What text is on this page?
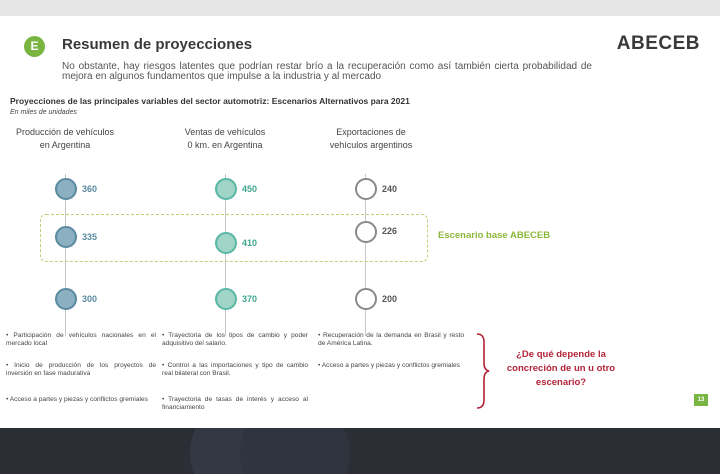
E	Resumen de proyecciones	ABECEB
No obstante, hay riesgos latentes que podrían restar brío a la recuperación como así también cierta probabilidad de mejora en algunos fundamentos que impulse a la industria y al mercado
Proyecciones de las principales variables del sector automotriz: Escenarios Alternativos para 2021
En miles de unidades
Producción de vehículos
en Argentina
Ventas de vehículos
0 km. en Argentina
Exportaciones de
vehículos argentinos
Escenario base ABECEB
360
335
300
450
410
370
240
226
200
• Participación de vehículos nacionales en el mercado local
• Inicio de producción de los proyectos de inversión en fase madurativa
• Acceso a partes y piezas y conflictos gremiales
• Trayectoria de los tipos de cambio y poder adquisitivo del salario.
• Control a las importaciones y tipo de cambio real bilateral con Brasil.
• Trayectoria de tasas de interés y acceso al financiamiento
• Recuperación de la demanda en Brasil y resto de América Latina.
• Acceso a partes y piezas y conflictos gremiales
¿De qué depende la concreción de un u otro escenario?
13
